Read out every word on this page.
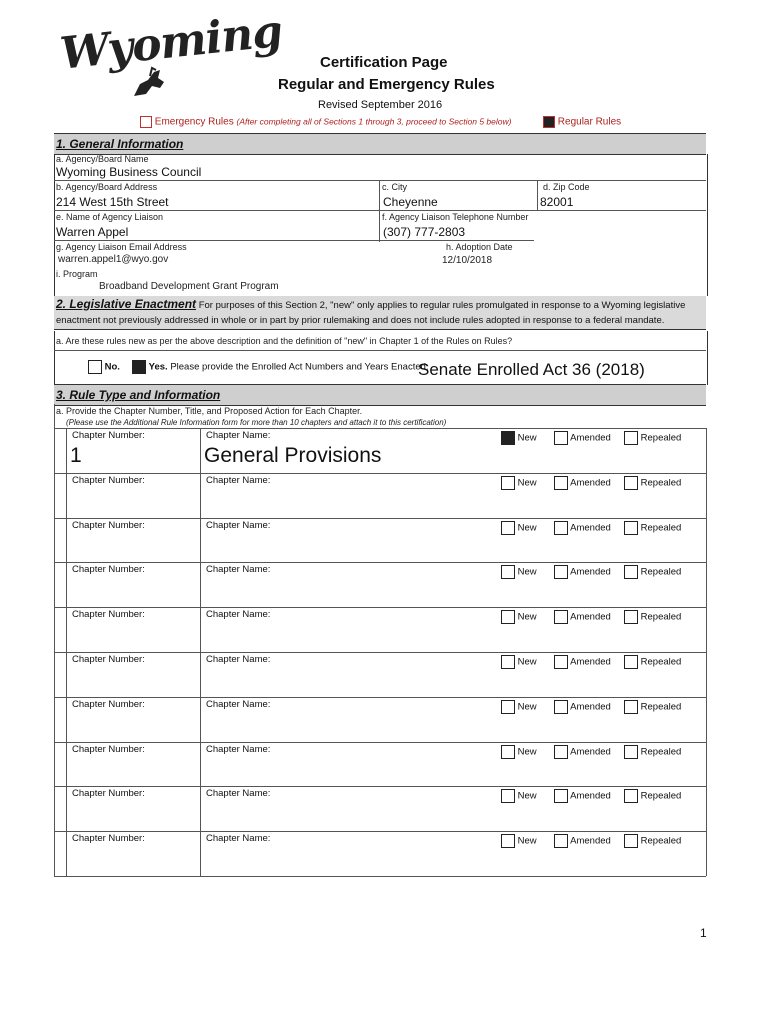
Wyoming Certification Page
Regular and Emergency Rules
Revised September 2016
Emergency Rules (After completing all of Sections 1 through 3, proceed to Section 5 below)	Regular Rules
1. General Information
a. Agency/Board Name
Wyoming Business Council
b. Agency/Board Address
214 West 15th Street
c. City
Cheyenne
d. Zip Code
82001
e. Name of Agency Liaison
Warren Appel
f. Agency Liaison Telephone Number
(307) 777-2803
g. Agency Liaison Email Address
warren.appel1@wyo.gov
h. Adoption Date
12/10/2018
i. Program
Broadband Development Grant Program
2. Legislative Enactment For purposes of this Section 2, "new" only applies to regular rules promulgated in response to a Wyoming legislative enactment not previously addressed in whole or in part by prior rulemaking and does not include rules adopted in response to a federal mandate.
a. Are these rules new as per the above description and the definition of "new" in Chapter 1 of the Rules on Rules?
No.	Yes. Please provide the Enrolled Act Numbers and Years Enacted:
Senate Enrolled Act 36 (2018)
3. Rule Type and Information
a. Provide the Chapter Number, Title, and Proposed Action for Each Chapter.
(Please use the Additional Rule Information form for more than 10 chapters and attach it to this certification)
Chapter Number:	Chapter Name:
1	General Provisions
New	Amended	Repealed
Chapter Number:	Chapter Name:	New	Amended	Repealed
Chapter Number:	Chapter Name:	New	Amended	Repealed
Chapter Number:	Chapter Name:	New	Amended	Repealed
Chapter Number:	Chapter Name:	New	Amended	Repealed
Chapter Number:	Chapter Name:	New	Amended	Repealed
Chapter Number:	Chapter Name:	New	Amended	Repealed
Chapter Number:	Chapter Name:	New	Amended	Repealed
Chapter Number:	Chapter Name:	New	Amended	Repealed
Chapter Number:	Chapter Name:	New	Amended	Repealed
1
